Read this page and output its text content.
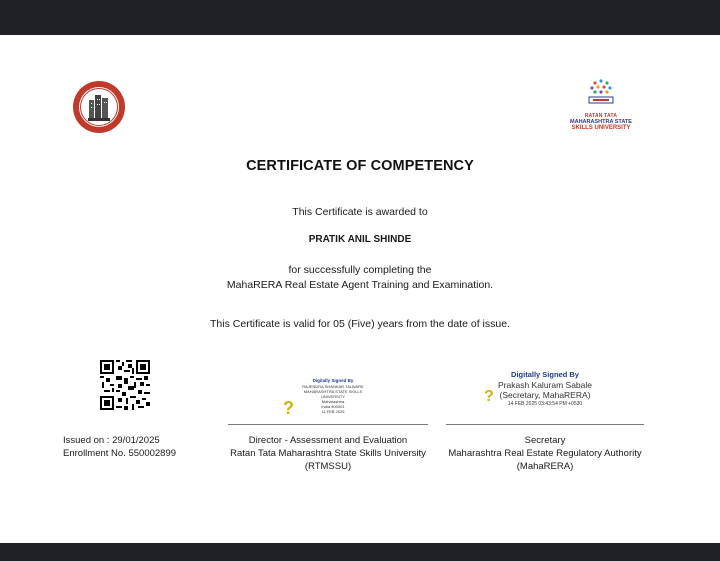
RATAN TATA
MAHARASHTRA STATE
SKILLS UNIVERSITY
CERTIFICATE OF COMPETENCY
This Certificate is awarded to
PRATIK ANIL SHINDE
for successfully completing the
MahaRERA Real Estate Agent Training and Examination.
This Certificate is valid for 05 (Five) years from the date of issue.
Digitally Signed By
RAJENDRA SHANKAR TALWARE
MAHARASHTRA STATE SKILLS
UNIVERSITY
Maharashtra
India 400001
11 FEB 2025
?
Digitally Signed By
Prakash Kaluram Sabale
(Secretary, MahaRERA)
14 FEB 2025 03:43:54 PM +0530
?
Issued on : 29/01/2025
Enrollment No. 550002899
Director - Assessment and Evaluation
Ratan Tata Maharashtra State Skills University
(RTMSSU)
Secretary
Maharashtra Real Estate Regulatory Authority
(MahaRERA)
